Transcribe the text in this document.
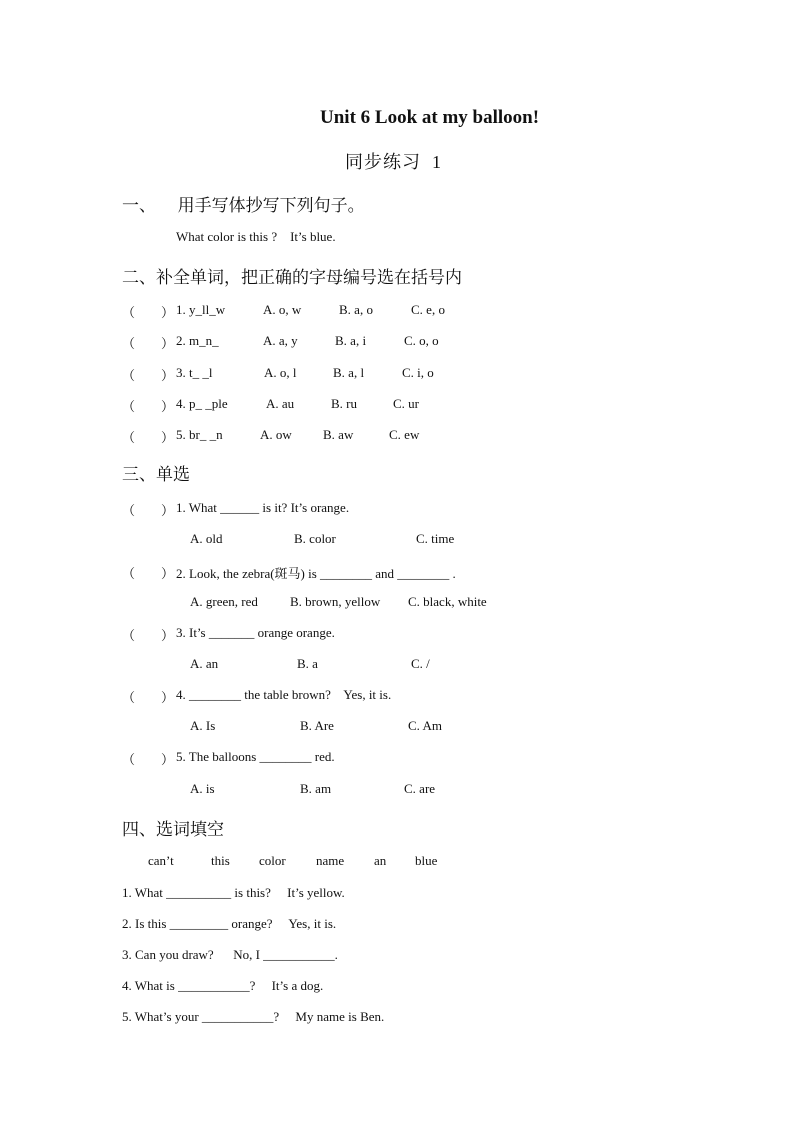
Unit 6 Look at my balloon!
同步练习  1
一、    用手写体抄写下列句子。
What color is this ?    It’s blue.
二、补全单词，把正确的字母编号选在括号内
（        ） 1. y_ll_w	A. o, w	B. a, o	C. e, o
（        ） 2. m_n_	A. a, y	B. a, i	C. o, o
（        ） 3. t_ _l	A. o, l	B. a, l	C. i, o
（        ） 4. p_ _ple	A. au	B. ru	C. ur
（        ） 5. br_ _n	A. ow B. aw	C. ew
三、单选
（        ） 1. What ______ is it? It’s orange.
A. old	B. color	C. time
（        ） 2. Look, the zebra(斑马) is ________ and ________ .
A. green, red B. brown, yellow C. black, white
（        ） 3. It’s _______ orange orange.
A. an	B. a	C. /
（        ） 4. ________ the table brown?    Yes, it is.
A. Is	B. Are	C. Am
（        ） 5. The balloons ________ red.
A. is	B. am	C. are
四、选词填空
can’t	this color name an blue
1. What __________ is this?     It’s yellow.
2. Is this _________ orange?     Yes, it is.
3. Can you draw?      No, I ___________.
4. What is ___________?     It’s a dog.
5. What’s your ___________?     My name is Ben.
